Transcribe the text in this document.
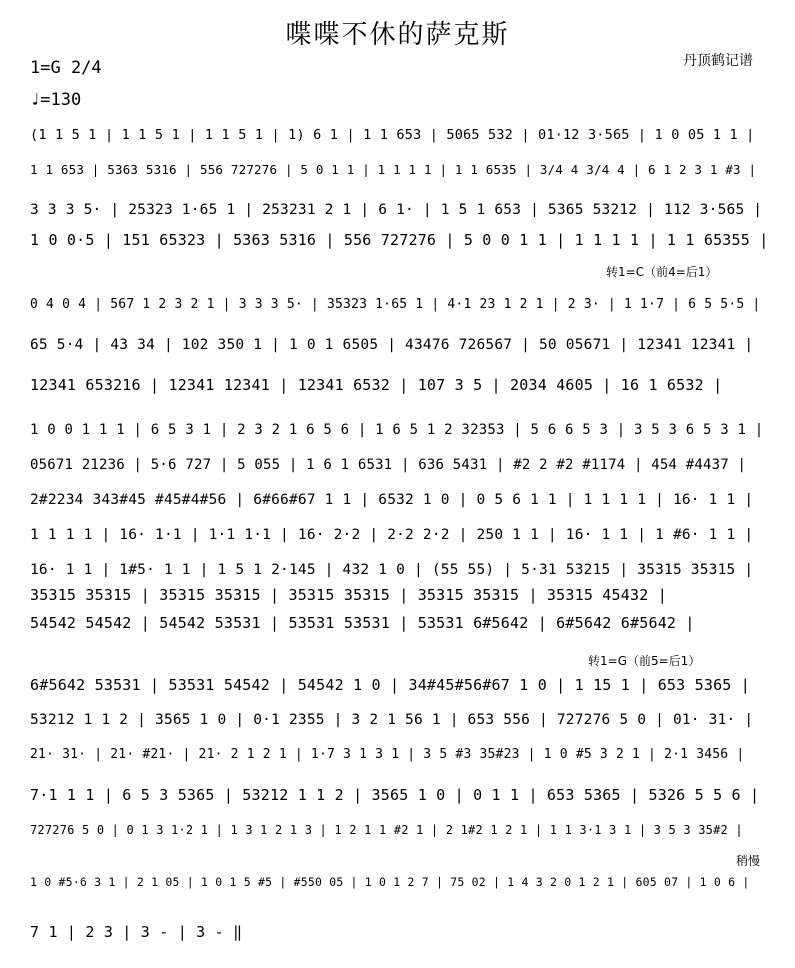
喋喋不休的萨克斯
丹顶鹤记谱
1=G 2/4
♩=130
转1=C（前4=后1）
转1=G（前5=后1）
稍慢
(1 1 5 1 | 1 1 5 1 | 1 1 5 1 | 1) 6 1 | 1 1 653 | 5065 532 | 01·12 3·565 | 1 0 05 1 1 |
1 1 653 | 5363 5316 | 556 727276 | 5 0 1 1 | 1 1 1 1 | 1 1 6535 | 3/4 4 3/4 4 | 6 1 2 3 1 #3 |
3 3 3 5· | 25323 1·65 1 | 253231 2 1 | 6 1· | 1 5 1 653 | 5365 53212 | 112 3·565 |
1 0 0·5 | 151 65323 | 5363 5316 | 556 727276 | 5 0 0 1 1 | 1 1 1 1 | 1 1 65355 |
0 4 0 4 | 567 1 2 3 2 1 | 3 3 3 5· | 35323 1·65 1 | 4·1 23 1 2 1 | 2 3· | 1 1·7 | 6 5 5·5 |
65 5·4 | 43 34 | 102 350 1 | 1 0 1 6505 | 43476 726567 | 50 05671 | 12341 12341 |
12341 653216 | 12341 12341 | 12341 6532 | 107 3 5 | 2034 4605 | 16 1 6532 |
1 0 0 1 1 1 | 6 5 3 1 | 2 3 2 1 6 5 6 | 1 6 5 1 2 32353 | 5 6 6 5 3 | 3 5 3 6 5 3 1 |
05671 21236 | 5·6 727 | 5 055 | 1 6 1 6531 | 636 5431 | #2 2 #2 #1174 | 454 #4437 |
2#2234 343#45 #45#4#56 | 6#66#67 1 1 | 6532 1 0 | 0 5 6 1 1 | 1 1 1 1 | 16· 1 1 |
1 1 1 1 | 16· 1·1 | 1·1 1·1 | 16· 2·2 | 2·2 2·2 | 250 1 1 | 16· 1 1 | 1 #6· 1 1 |
16· 1 1 | 1#5· 1 1 | 1 5 1 2·145 | 432 1 0 | (55 55) | 5·31 53215 | 35315 35315 |
35315 35315 | 35315 35315 | 35315 35315 | 35315 35315 | 35315 45432 |
54542 54542 | 54542 53531 | 53531 53531 | 53531 6#5642 | 6#5642 6#5642 |
6#5642 53531 | 53531 54542 | 54542 1 0 | 34#45#56#67 1 0 | 1 15 1 | 653 5365 |
53212 1 1 2 | 3565 1 0 | 0·1 2355 | 3 2 1 56 1 | 653 556 | 727276 5 0 | 01· 31· |
21· 31· | 21· #21· | 21· 2 1 2 1 | 1·7 3 1 3 1 | 3 5 #3 35#23 | 1 0 #5 3 2 1 | 2·1 3456 |
7·1 1 1 | 6 5 3 5365 | 53212 1 1 2 | 3565 1 0 | 0 1 1 | 653 5365 | 5326 5 5 6 |
727276 5 0 | 0 1 3 1·2 1 | 1 3 1 2 1 3 | 1 2 1 1 #2 1 | 2 1#2 1 2 1 | 1 1 3·1 3 1 | 3 5 3 35#2 |
1 0 #5·6 3 1 | 2 1 05 | 1 0 1 5 #5 | #550 05 | 1 0 1 2 7 | 75 02 | 1 4 3 2 0 1 2 1 | 605 07 | 1 0 6 |
7 1 | 2 3 | 3 - | 3 - ‖
